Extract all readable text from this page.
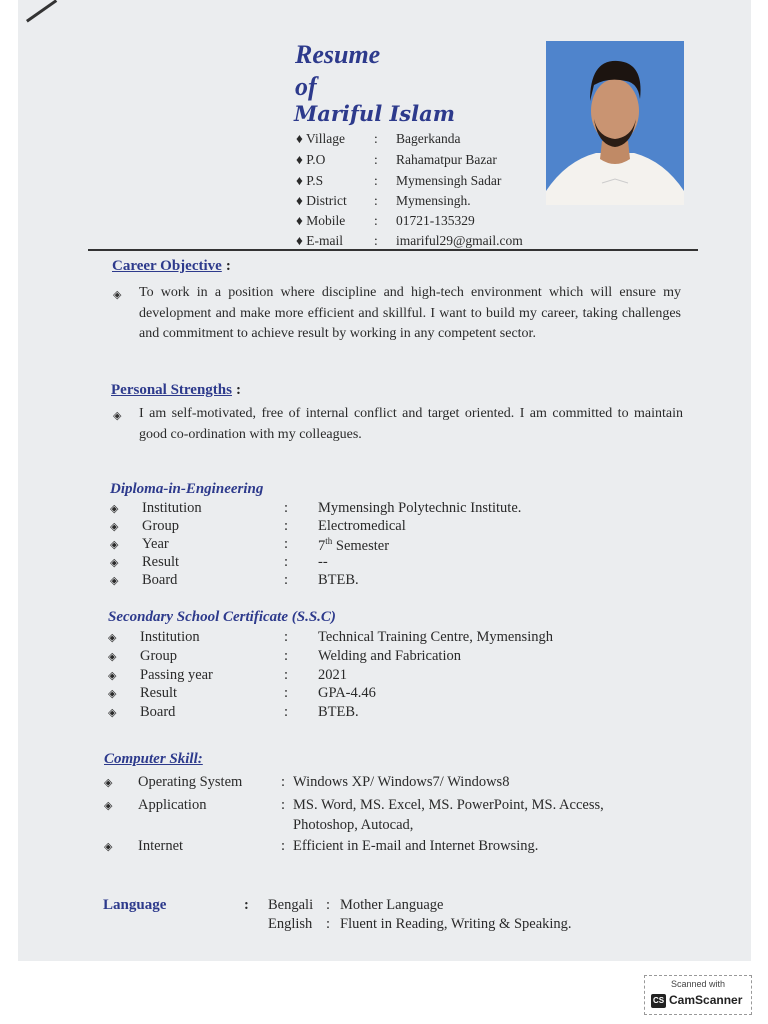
Resume
of
Mariful Islam
♦ Village	: Bagerkanda
♦ P.O	: Rahamatpur Bazar
♦ P.S	: Mymensingh Sadar
♦ District	: Mymensingh.
♦ Mobile	: 01721-135329
♦ E-mail	: imariful29@gmail.com
Career Objective :
◈ To work in a position where discipline and high-tech environment which will ensure my development and make more efficient and skillful. I want to build my career, taking challenges and commitment to achieve result by working in any competent sector.
Personal Strengths :
◈ I am self-motivated, free of internal conflict and target oriented. I am committed to maintain good co-ordination with my colleagues.
Diploma-in-Engineering
◈ Institution	: Mymensingh Polytechnic Institute.
◈ Group	: Electromedical
◈ Year	: 7th Semester
◈ Result	: --
◈ Board	: BTEB.
Secondary School Certificate (S.S.C)
◈ Institution	: Technical Training Centre, Mymensingh
◈ Group	: Welding and Fabrication
◈ Passing year	: 2021
◈ Result	: GPA-4.46
◈ Board	: BTEB.
Computer Skill:
◈ Operating System	: Windows XP/ Windows7/ Windows8
◈ Application	: MS. Word, MS. Excel, MS. PowerPoint, MS. Access,
Photoshop, Autocad,
◈ Internet	: Efficient in E-mail and Internet Browsing.
Language	: Bengali : Mother Language
English : Fluent in Reading, Writing & Speaking.
Scanned with
CS CamScanner
